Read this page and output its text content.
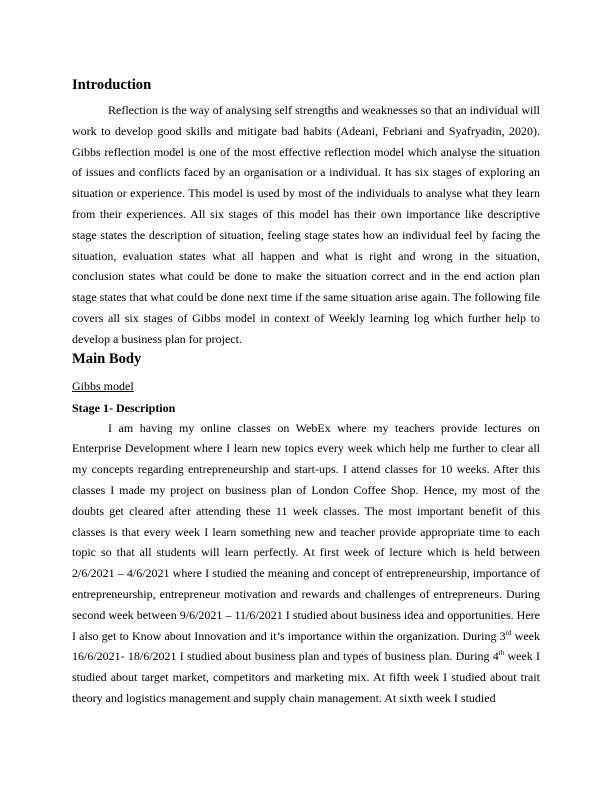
Introduction

Reflection is the way of analysing self strengths and weaknesses so that an individual will work to develop good skills and mitigate bad habits (Adeani, Febriani and Syafryadin, 2020). Gibbs reflection model is one of the most effective reflection model which analyse the situation of issues and conflicts faced by an organisation or a individual. It has six stages of exploring an situation or experience. This model is used by most of the individuals to analyse what they learn from their experiences. All six stages of this model has their own importance like descriptive stage states the description of situation, feeling stage states how an individual feel by facing the situation, evaluation states what all happen and what is right and wrong in the situation, conclusion states what could be done to make the situation correct and in the end action plan stage states that what could be done next time if the same situation arise again. The following file covers all six stages of Gibbs model in context of Weekly learning log which further help to develop a business plan for project.

Main Body
Gibbs model
Stage 1- Description

I am having my online classes on WebEx where my teachers provide lectures on Enterprise Development where I learn new topics every week which help me further to clear all my concepts regarding entrepreneurship and start-ups. I attend classes for 10 weeks. After this classes I made my project on business plan of London Coffee Shop. Hence, my most of the doubts get cleared after attending these 11 week classes. The most important benefit of this classes is that every week I learn something new and teacher provide appropriate time to each topic so that all students will learn perfectly. At first week of lecture which is held between 2/6/2021 – 4/6/2021 where I studied the meaning and concept of entrepreneurship, importance of entrepreneurship, entrepreneur motivation and rewards and challenges of entrepreneurs. During second week between 9/6/2021 – 11/6/2021 I studied about business idea and opportunities. Here I also get to Know about Innovation and it’s importance within the organization. During 3rd week 16/6/2021- 18/6/2021 I studied about business plan and types of business plan. During 4th week I studied about target market, competitors and marketing mix. At fifth week I studied about trait theory and logistics management and supply chain management. At sixth week I studied
